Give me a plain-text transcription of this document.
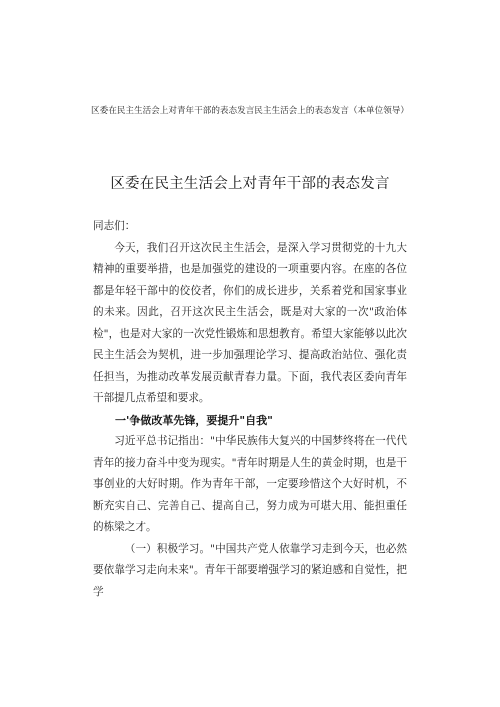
区委在民主生活会上对青年干部的表态发言民主生活会上的表态发言（本单位领导）
区委在民主生活会上对青年干部的表态发言

同志们：

今天，我们召开这次民主生活会，是深入学习贯彻党的十九大精神的重要举措，也是加强党的建设的一项重要内容。在座的各位都是年轻干部中的佼佼者，你们的成长进步，关系着党和国家事业的未来。因此，召开这次民主生活会，既是对大家的一次"政治体检"，也是对大家的一次党性锻炼和思想教育。希望大家能够以此次民主生活会为契机，进一步加强理论学习、提高政治站位、强化责任担当，为推动改革发展贡献青春力量。下面，我代表区委向青年干部提几点希望和要求。

一'争做改革先锋，要提升"自我"

习近平总书记指出："中华民族伟大复兴的中国梦终将在一代代青年的接力奋斗中变为现实。"青年时期是人生的黄金时期，也是干事创业的大好时期。作为青年干部，一定要珍惜这个大好时机，不断充实自己、完善自己、提高自己，努力成为可堪大用、能担重任的栋梁之才。

（一）积极学习。"中国共产党人依靠学习走到今天，也必然要依靠学习走向未来"。青年干部要增强学习的紧迫感和自觉性，把学
